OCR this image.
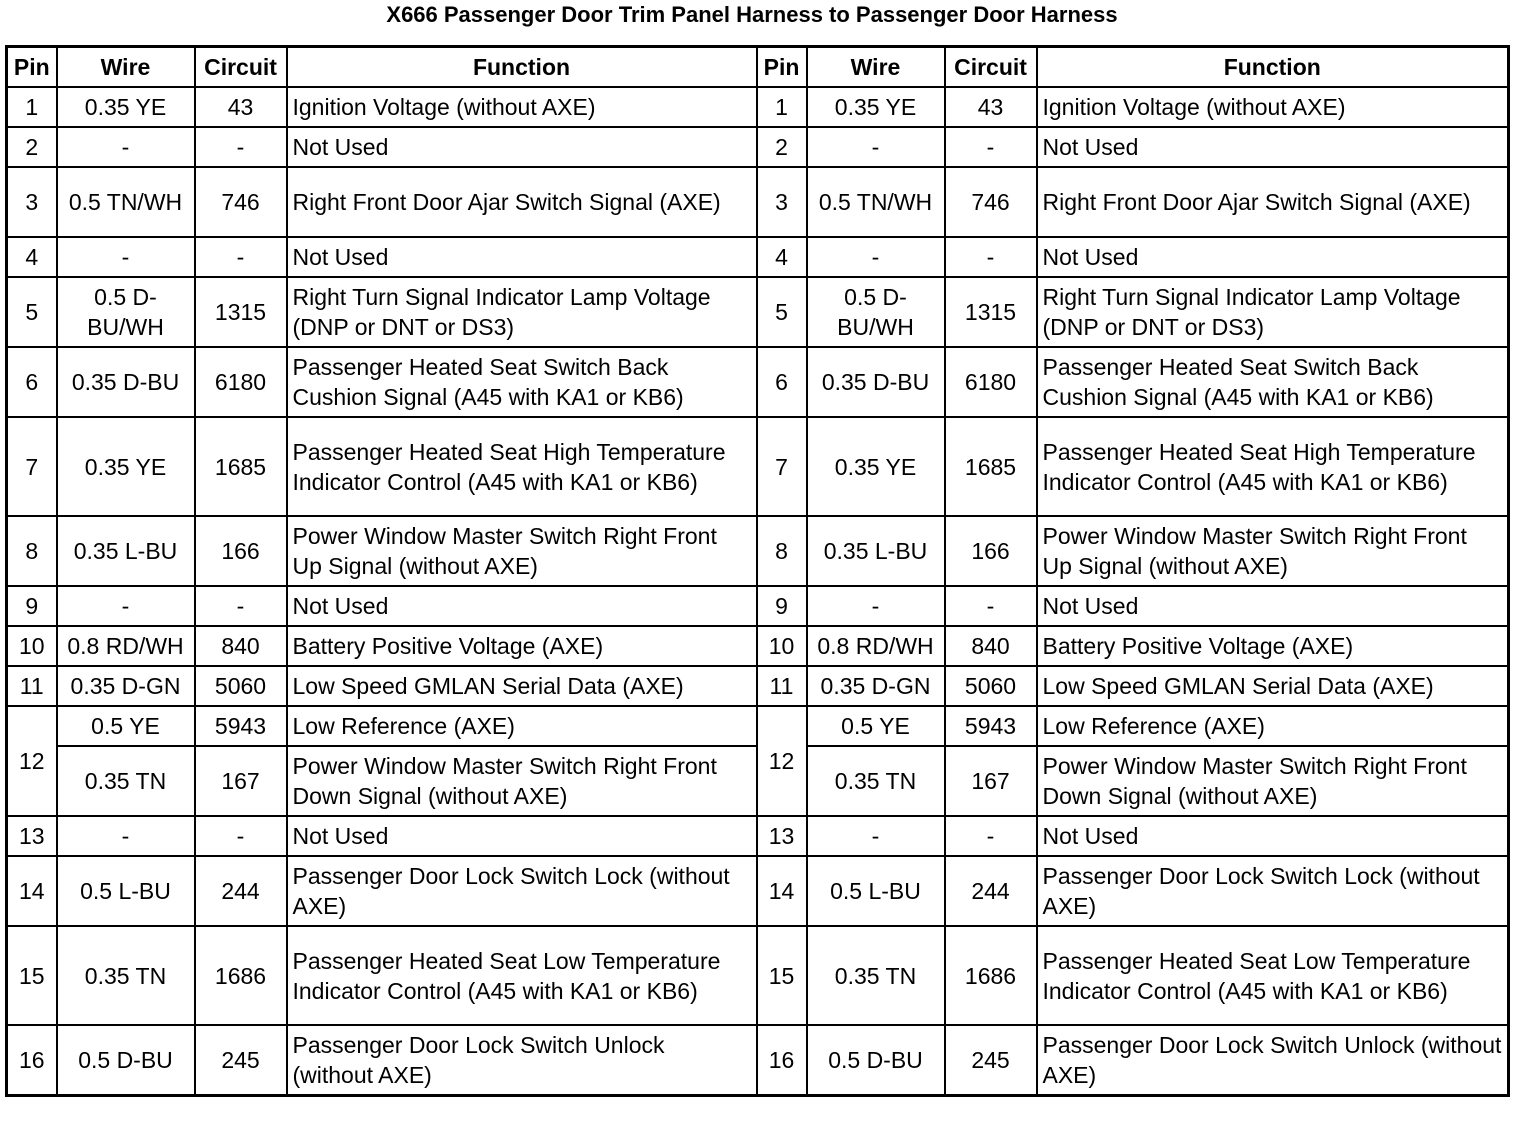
X666 Passenger Door Trim Panel Harness to Passenger Door Harness
Pin	Wire	Circuit	Function	Pin	Wire	Circuit	Function
1	0.35 YE	43	Ignition Voltage (without AXE)	1	0.35 YE	43	Ignition Voltage (without AXE)
2	-	-	Not Used	2	-	-	Not Used
3	0.5 TN/WH	746	Right Front Door Ajar Switch Signal (AXE)	3	0.5 TN/WH	746	Right Front Door Ajar Switch Signal (AXE)
4	-	-	Not Used	4	-	-	Not Used
5	0.5 D-BU/WH	1315	Right Turn Signal Indicator Lamp Voltage (DNP or DNT or DS3)	5	0.5 D-BU/WH	1315	Right Turn Signal Indicator Lamp Voltage (DNP or DNT or DS3)
6	0.35 D-BU	6180	Passenger Heated Seat Switch Back Cushion Signal (A45 with KA1 or KB6)	6	0.35 D-BU	6180	Passenger Heated Seat Switch Back Cushion Signal (A45 with KA1 or KB6)
7	0.35 YE	1685	Passenger Heated Seat High Temperature Indicator Control (A45 with KA1 or KB6)	7	0.35 YE	1685	Passenger Heated Seat High Temperature Indicator Control (A45 with KA1 or KB6)
8	0.35 L-BU	166	Power Window Master Switch Right Front Up Signal (without AXE)	8	0.35 L-BU	166	Power Window Master Switch Right Front Up Signal (without AXE)
9	-	-	Not Used	9	-	-	Not Used
10	0.8 RD/WH	840	Battery Positive Voltage (AXE)	10	0.8 RD/WH	840	Battery Positive Voltage (AXE)
11	0.35 D-GN	5060	Low Speed GMLAN Serial Data (AXE)	11	0.35 D-GN	5060	Low Speed GMLAN Serial Data (AXE)
12	0.5 YE	5943	Low Reference (AXE)	12	0.5 YE	5943	Low Reference (AXE)
	0.35 TN	167	Power Window Master Switch Right Front Down Signal (without AXE)		0.35 TN	167	Power Window Master Switch Right Front Down Signal (without AXE)
13	-	-	Not Used	13	-	-	Not Used
14	0.5 L-BU	244	Passenger Door Lock Switch Lock (without AXE)	14	0.5 L-BU	244	Passenger Door Lock Switch Lock (without AXE)
15	0.35 TN	1686	Passenger Heated Seat Low Temperature Indicator Control (A45 with KA1 or KB6)	15	0.35 TN	1686	Passenger Heated Seat Low Temperature Indicator Control (A45 with KA1 or KB6)
16	0.5 D-BU	245	Passenger Door Lock Switch Unlock (without AXE)	16	0.5 D-BU	245	Passenger Door Lock Switch Unlock (without AXE)
